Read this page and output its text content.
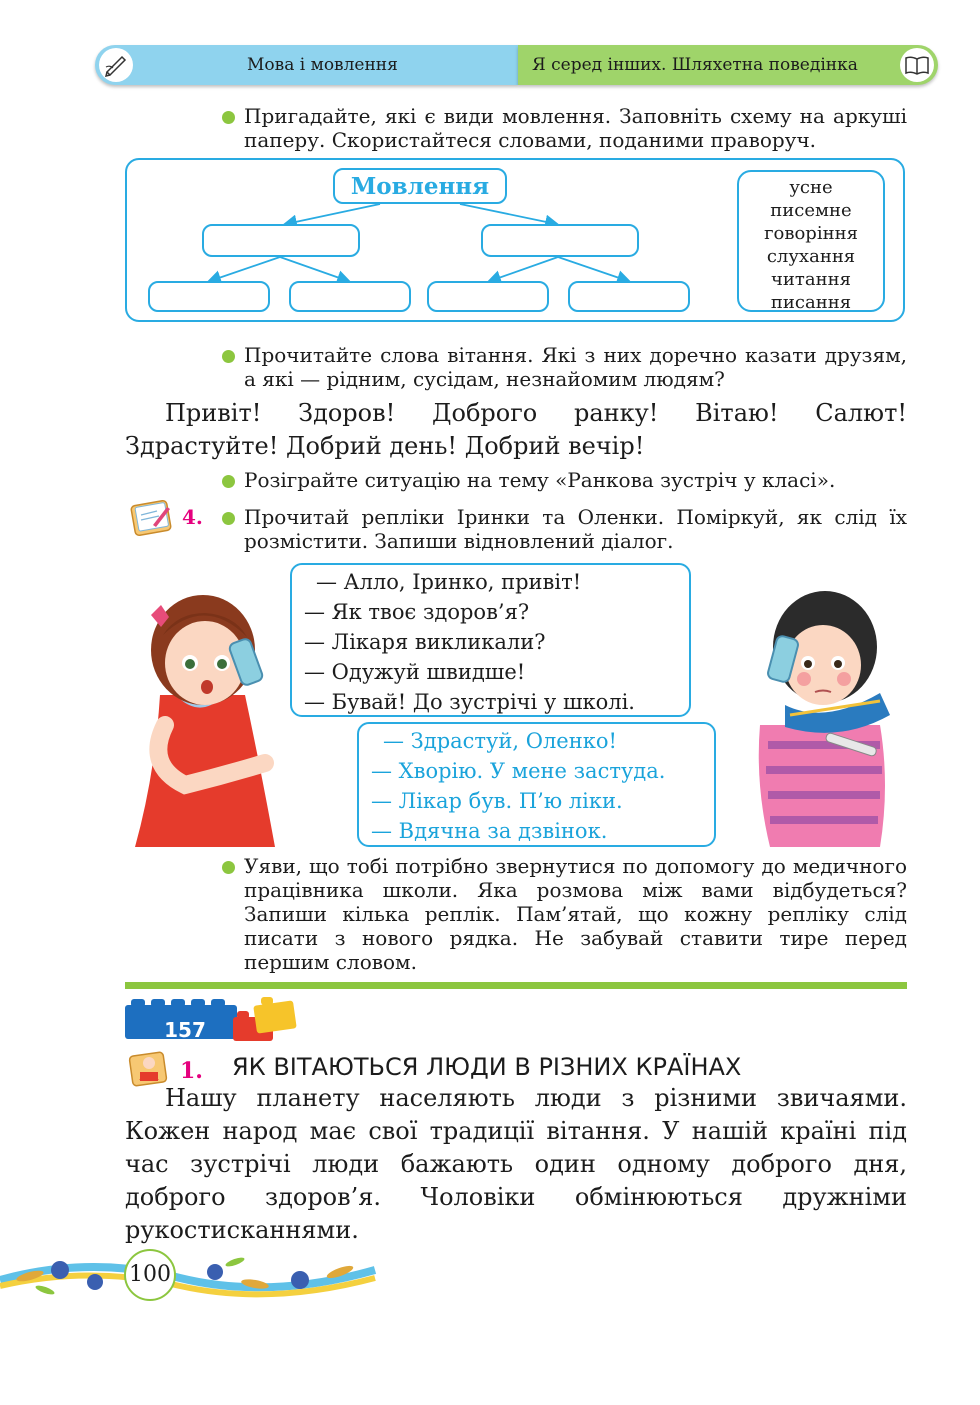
Мова і мовлення	Я серед інших. Шляхетна поведінка
Пригадайте, які є види мовлення. Заповніть схему на аркуші паперу. Скористайтеся словами, поданими праворуч.
Мовлення	усне
писемне
говоріння
слухання
читання
писання
Прочитайте слова вітання. Які з них доречно казати друзям, а які — рідним, сусідам, незнайомим людям?
Привіт! Здоров! Доброго ранку! Вітаю! Салют! Здрастуйте! Добрий день! Добрий вечір!
Розіграйте ситуацію на тему «Ранкова зустріч у класі».
4. Прочитай репліки Іринки та Оленки. Поміркуй, як слід їх розмістити. Запиши відновлений діалог.
— Алло, Іринко, привіт!
— Як твоє здоров’я?
— Лікаря викликали?
— Одужуй швидше!
— Бувай! До зустрічі у школі.
— Здрастуй, Оленко!
— Хворію. У мене застуда.
— Лікар був. П’ю ліки.
— Вдячна за дзвінок.
Уяви, що тобі потрібно звернутися по допомогу до медичного працівника школи. Яка розмова між вами відбудеться? Запиши кілька реплік. Пам’ятай, що кожну репліку слід писати з нового рядка. Не забувай ставити тире перед першим словом.
157
1. ЯК ВІТАЮТЬСЯ ЛЮДИ В РІЗНИХ КРАЇНАХ
Нашу планету населяють люди з різними звичаями. Кожен народ має свої традиції вітання. У нашій країні під час зустрічі люди бажають один одному доброго дня, доброго здоров’я. Чоловіки обмінюються дружніми рукостисканнями.
100
